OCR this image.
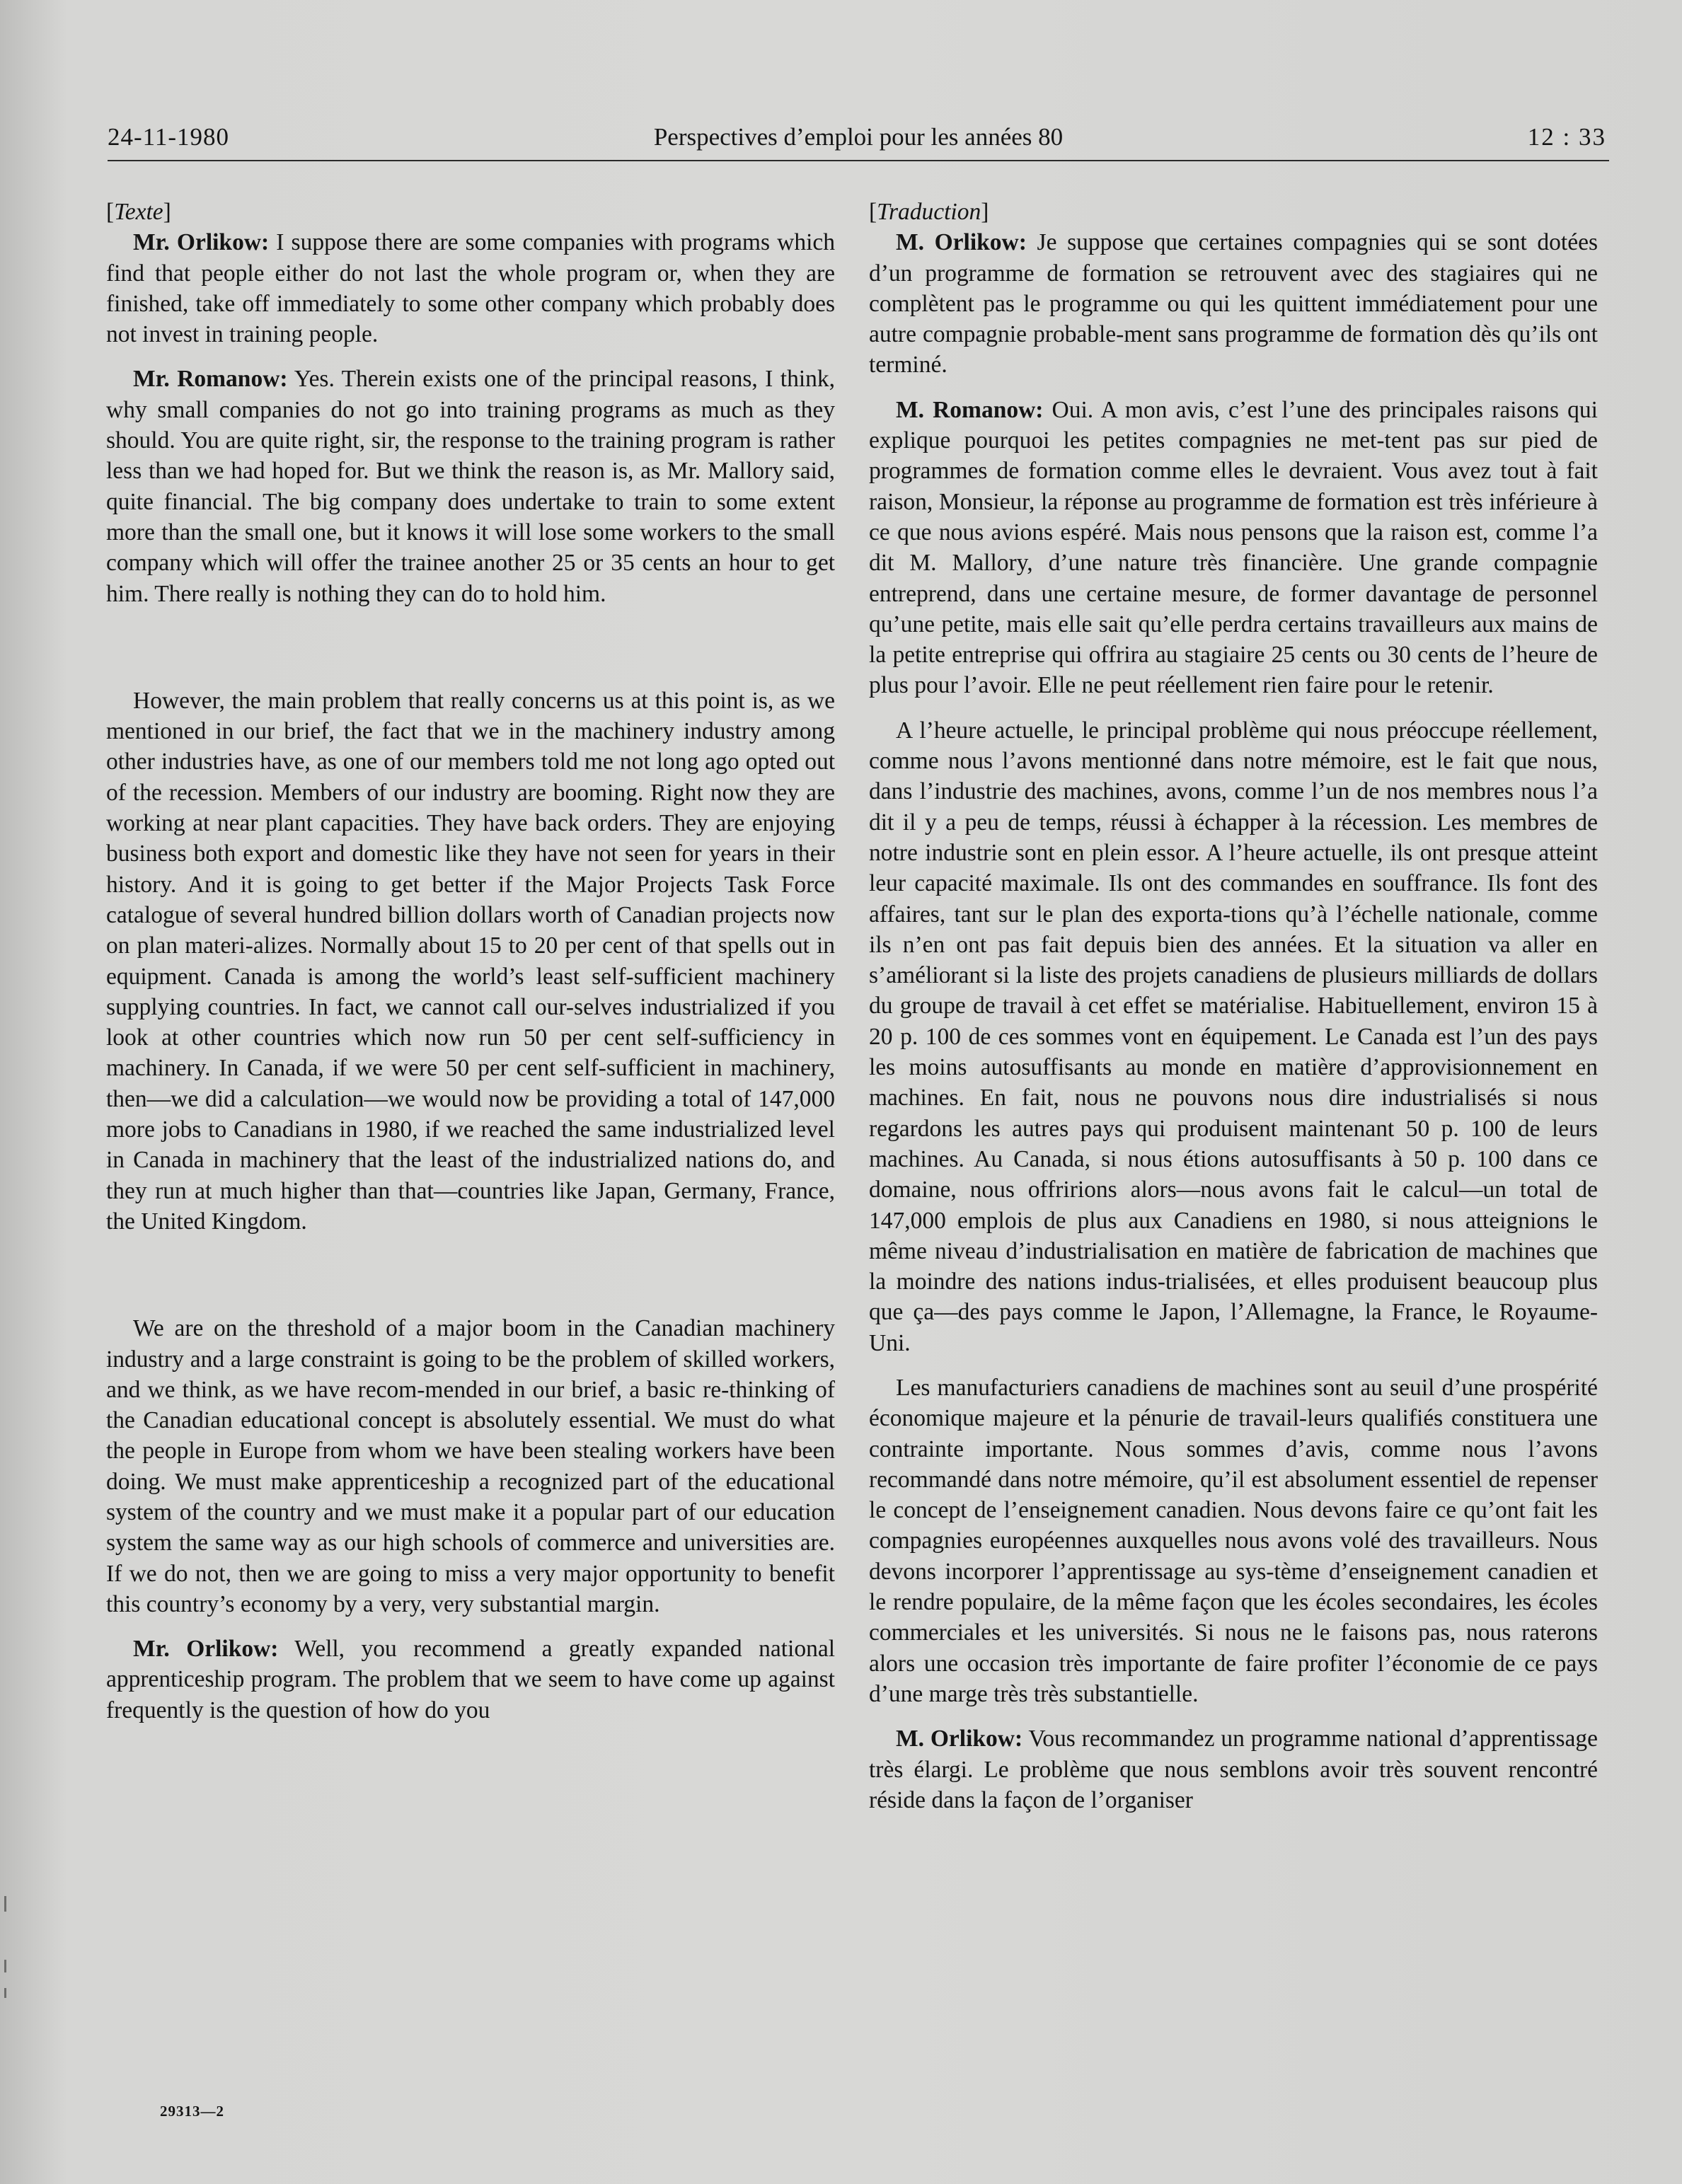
24-11-1980	Perspectives d’emploi pour les années 80	12 : 33

[Texte]

Mr. Orlikow: I suppose there are some companies with programs which find that people either do not last the whole program or, when they are finished, take off immediately to some other company which probably does not invest in training people.

Mr. Romanow: Yes. Therein exists one of the principal reasons, I think, why small companies do not go into training programs as much as they should. You are quite right, sir, the response to the training program is rather less than we had hoped for. But we think the reason is, as Mr. Mallory said, quite financial. The big company does undertake to train to some extent more than the small one, but it knows it will lose some workers to the small company which will offer the trainee another 25 or 35 cents an hour to get him. There really is nothing they can do to hold him.

However, the main problem that really concerns us at this point is, as we mentioned in our brief, the fact that we in the machinery industry among other industries have, as one of our members told me not long ago opted out of the recession. Members of our industry are booming. Right now they are working at near plant capacities. They have back orders. They are enjoying business both export and domestic like they have not seen for years in their history. And it is going to get better if the Major Projects Task Force catalogue of several hundred billion dollars worth of Canadian projects now on plan materi-alizes. Normally about 15 to 20 per cent of that spells out in equipment. Canada is among the world’s least self-sufficient machinery supplying countries. In fact, we cannot call our-selves industrialized if you look at other countries which now run 50 per cent self-sufficiency in machinery. In Canada, if we were 50 per cent self-sufficient in machinery, then—we did a calculation—we would now be providing a total of 147,000 more jobs to Canadians in 1980, if we reached the same industrialized level in Canada in machinery that the least of the industrialized nations do, and they run at much higher than that—countries like Japan, Germany, France, the United Kingdom.

We are on the threshold of a major boom in the Canadian machinery industry and a large constraint is going to be the problem of skilled workers, and we think, as we have recom-mended in our brief, a basic re-thinking of the Canadian educational concept is absolutely essential. We must do what the people in Europe from whom we have been stealing workers have been doing. We must make apprenticeship a recognized part of the educational system of the country and we must make it a popular part of our education system the same way as our high schools of commerce and universities are. If we do not, then we are going to miss a very major opportunity to benefit this country’s economy by a very, very substantial margin.

Mr. Orlikow: Well, you recommend a greatly expanded national apprenticeship program. The problem that we seem to have come up against frequently is the question of how do you

[Traduction]

M. Orlikow: Je suppose que certaines compagnies qui se sont dotées d’un programme de formation se retrouvent avec des stagiaires qui ne complètent pas le programme ou qui les quittent immédiatement pour une autre compagnie probable-ment sans programme de formation dès qu’ils ont terminé.

M. Romanow: Oui. A mon avis, c’est l’une des principales raisons qui explique pourquoi les petites compagnies ne met-tent pas sur pied de programmes de formation comme elles le devraient. Vous avez tout à fait raison, Monsieur, la réponse au programme de formation est très inférieure à ce que nous avions espéré. Mais nous pensons que la raison est, comme l’a dit M. Mallory, d’une nature très financière. Une grande compagnie entreprend, dans une certaine mesure, de former davantage de personnel qu’une petite, mais elle sait qu’elle perdra certains travailleurs aux mains de la petite entreprise qui offrira au stagiaire 25 cents ou 30 cents de l’heure de plus pour l’avoir. Elle ne peut réellement rien faire pour le retenir.

A l’heure actuelle, le principal problème qui nous préoccupe réellement, comme nous l’avons mentionné dans notre mémoire, est le fait que nous, dans l’industrie des machines, avons, comme l’un de nos membres nous l’a dit il y a peu de temps, réussi à échapper à la récession. Les membres de notre industrie sont en plein essor. A l’heure actuelle, ils ont presque atteint leur capacité maximale. Ils ont des commandes en souffrance. Ils font des affaires, tant sur le plan des exporta-tions qu’à l’échelle nationale, comme ils n’en ont pas fait depuis bien des années. Et la situation va aller en s’améliorant si la liste des projets canadiens de plusieurs milliards de dollars du groupe de travail à cet effet se matérialise. Habituellement, environ 15 à 20 p. 100 de ces sommes vont en équipement. Le Canada est l’un des pays les moins autosuffisants au monde en matière d’approvisionnement en machines. En fait, nous ne pouvons nous dire industrialisés si nous regardons les autres pays qui produisent maintenant 50 p. 100 de leurs machines. Au Canada, si nous étions autosuffisants à 50 p. 100 dans ce domaine, nous offririons alors—nous avons fait le calcul—un total de 147,000 emplois de plus aux Canadiens en 1980, si nous atteignions le même niveau d’industrialisation en matière de fabrication de machines que la moindre des nations indus-trialisées, et elles produisent beaucoup plus que ça—des pays comme le Japon, l’Allemagne, la France, le Royaume-Uni.

Les manufacturiers canadiens de machines sont au seuil d’une prospérité économique majeure et la pénurie de travail-leurs qualifiés constituera une contrainte importante. Nous sommes d’avis, comme nous l’avons recommandé dans notre mémoire, qu’il est absolument essentiel de repenser le concept de l’enseignement canadien. Nous devons faire ce qu’ont fait les compagnies européennes auxquelles nous avons volé des travailleurs. Nous devons incorporer l’apprentissage au sys-tème d’enseignement canadien et le rendre populaire, de la même façon que les écoles secondaires, les écoles commerciales et les universités. Si nous ne le faisons pas, nous raterons alors une occasion très importante de faire profiter l’économie de ce pays d’une marge très très substantielle.

M. Orlikow: Vous recommandez un programme national d’apprentissage très élargi. Le problème que nous semblons avoir très souvent rencontré réside dans la façon de l’organiser

29313—2
